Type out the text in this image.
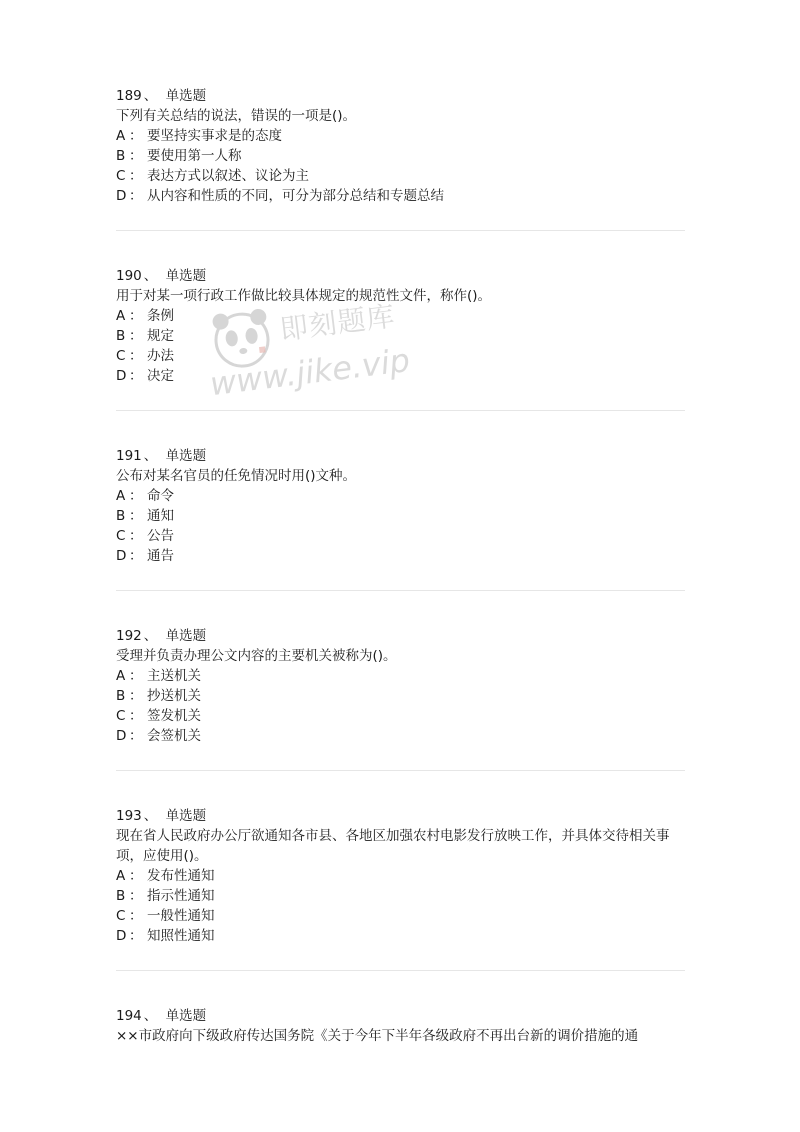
即刻题库
www.jike.vip
189 、 单选题
下列有关总结的说法，错误的一项是()。
A ： 要坚持实事求是的态度
B ： 要使用第一人称
C ： 表达方式以叙述、议论为主
D ： 从内容和性质的不同，可分为部分总结和专题总结
190 、 单选题
用于对某一项行政工作做比较具体规定的规范性文件，称作()。
A ： 条例
B ： 规定
C ： 办法
D ： 决定
191 、 单选题
公布对某名官员的任免情况时用()文种。
A ： 命令
B ： 通知
C ： 公告
D ： 通告
192 、 单选题
受理并负责办理公文内容的主要机关被称为()。
A ： 主送机关
B ： 抄送机关
C ： 签发机关
D ： 会签机关
193 、 单选题
现在省人民政府办公厅欲通知各市县、各地区加强农村电影发行放映工作，并具体交待相关事项，应使用()。
A ： 发布性通知
B ： 指示性通知
C ： 一般性通知
D ： 知照性通知
194 、 单选题
××市政府向下级政府传达国务院《关于今年下半年各级政府不再出台新的调价措施的通
